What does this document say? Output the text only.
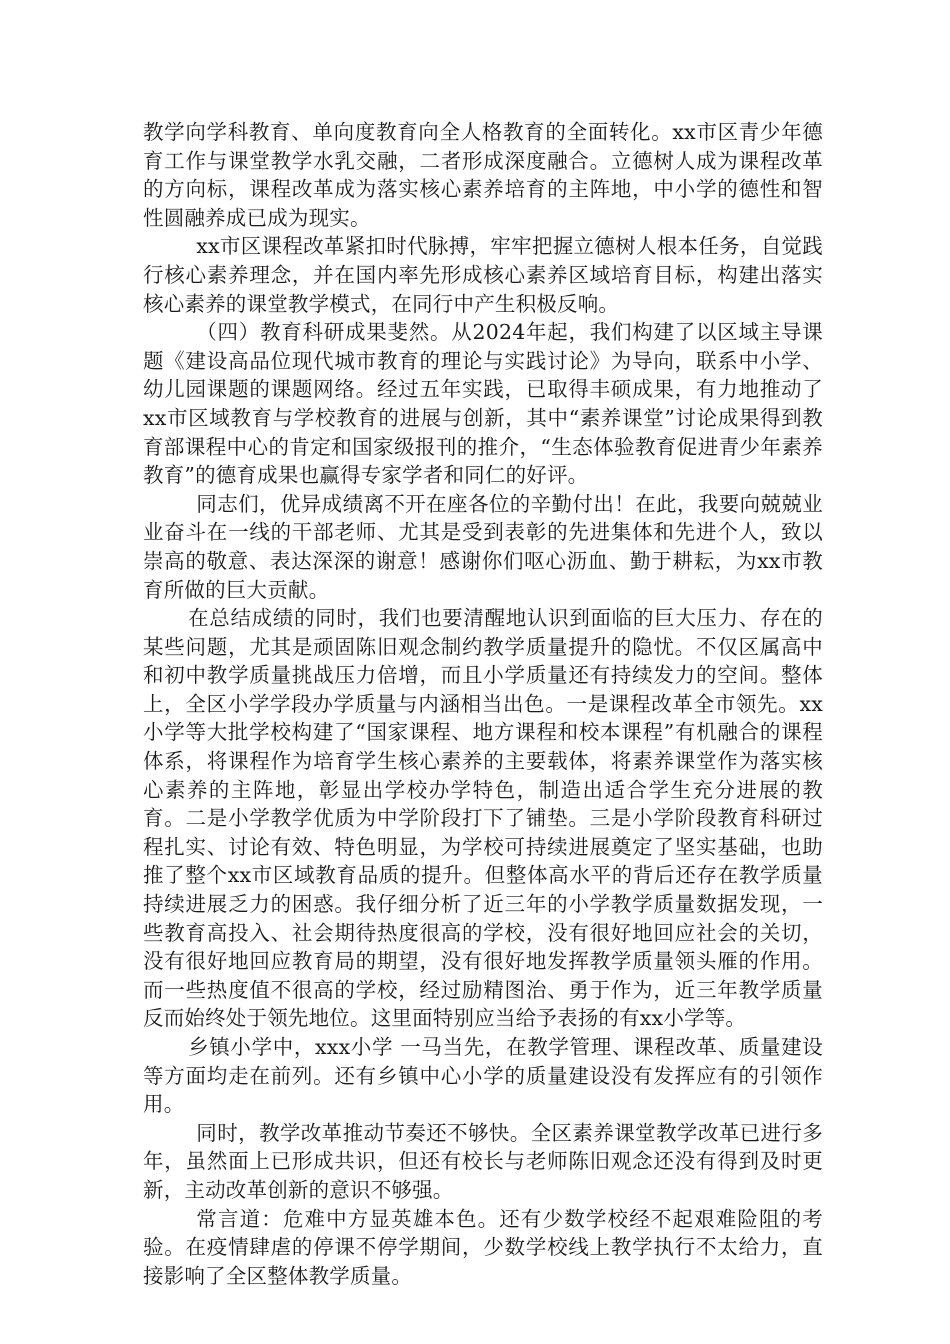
教学向学科教育、单向度教育向全人格教育的全面转化。xx市区青少年德育工作与课堂教学水乳交融，二者形成深度融合。立德树人成为课程改革的方向标，课程改革成为落实核心素养培育的主阵地，中小学的德性和智性圆融养成已成为现实。

xx市区课程改革紧扣时代脉搏，牢牢把握立德树人根本任务，自觉践行核心素养理念，并在国内率先形成核心素养区域培育目标，构建出落实核心素养的课堂教学模式，在同行中产生积极反响。

（四）教育科研成果斐然。从2024年起，我们构建了以区域主导课题《建设高品位现代城市教育的理论与实践讨论》为导向，联系中小学、幼儿园课题的课题网络。经过五年实践，已取得丰硕成果，有力地推动了xx市区域教育与学校教育的进展与创新，其中“素养课堂”讨论成果得到教育部课程中心的肯定和国家级报刊的推介，“生态体验教育促进青少年素养教育”的德育成果也赢得专家学者和同仁的好评。

同志们，优异成绩离不开在座各位的辛勤付出！在此，我要向兢兢业业奋斗在一线的干部老师、尤其是受到表彰的先进集体和先进个人，致以崇高的敬意、表达深深的谢意！感谢你们呕心沥血、勤于耕耘，为xx市教育所做的巨大贡献。

在总结成绩的同时，我们也要清醒地认识到面临的巨大压力、存在的某些问题，尤其是顽固陈旧观念制约教学质量提升的隐忧。不仅区属高中和初中教学质量挑战压力倍增，而且小学质量还有持续发力的空间。整体上，全区小学学段办学质量与内涵相当出色。一是课程改革全市领先。xx小学等大批学校构建了“国家课程、地方课程和校本课程”有机融合的课程体系，将课程作为培育学生核心素养的主要载体，将素养课堂作为落实核心素养的主阵地，彰显出学校办学特色，制造出适合学生充分进展的教育。二是小学教学优质为中学阶段打下了铺垫。三是小学阶段教育科研过程扎实、讨论有效、特色明显，为学校可持续进展奠定了坚实基础，也助推了整个xx市区域教育品质的提升。但整体高水平的背后还存在教学质量持续进展乏力的困惑。我仔细分析了近三年的小学教学质量数据发现，一些教育高投入、社会期待热度很高的学校，没有很好地回应社会的关切，没有很好地回应教育局的期望，没有很好地发挥教学质量领头雁的作用。而一些热度值不很高的学校，经过励精图治、勇于作为，近三年教学质量反而始终处于领先地位。这里面特别应当给予表扬的有xx小学等。

乡镇小学中，xxx小学 一马当先，在教学管理、课程改革、质量建设等方面均走在前列。还有乡镇中心小学的质量建设没有发挥应有的引领作用。

同时，教学改革推动节奏还不够快。全区素养课堂教学改革已进行多年，虽然面上已形成共识，但还有校长与老师陈旧观念还没有得到及时更新，主动改革创新的意识不够强。

常言道：危难中方显英雄本色。还有少数学校经不起艰难险阻的考验。在疫情肆虐的停课不停学期间，少数学校线上教学执行不太给力，直接影响了全区整体教学质量。
